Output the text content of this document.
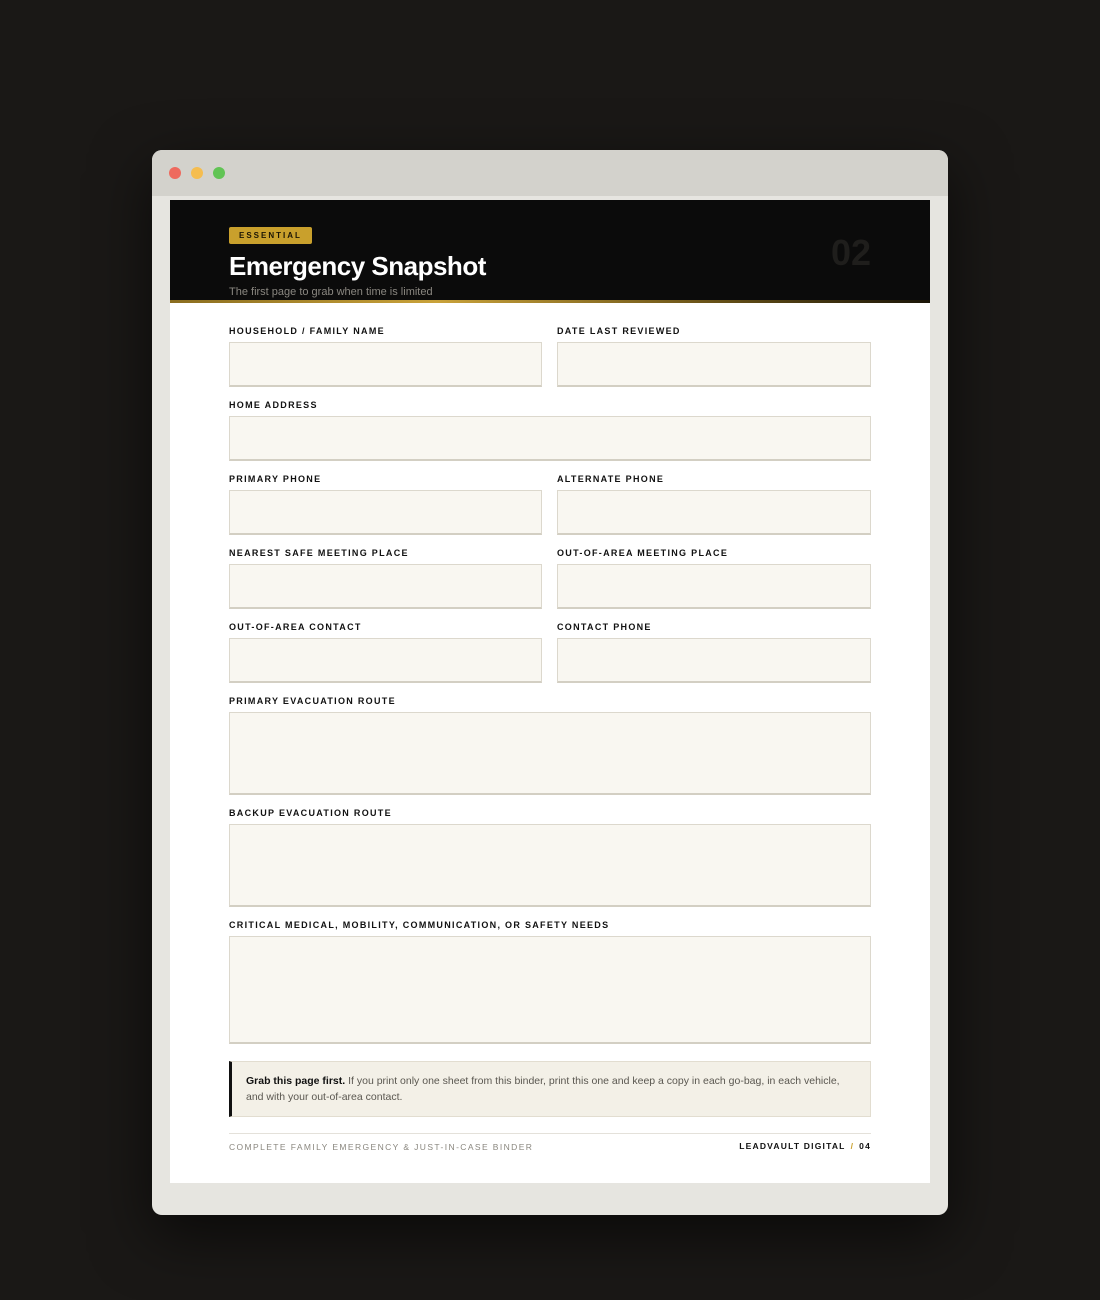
ESSENTIAL
Emergency Snapshot
The first page to grab when time is limited
02
HOUSEHOLD / FAMILY NAME	DATE LAST REVIEWED
HOME ADDRESS
PRIMARY PHONE	ALTERNATE PHONE
NEAREST SAFE MEETING PLACE	OUT-OF-AREA MEETING PLACE
OUT-OF-AREA CONTACT	CONTACT PHONE
PRIMARY EVACUATION ROUTE
BACKUP EVACUATION ROUTE
CRITICAL MEDICAL, MOBILITY, COMMUNICATION, OR SAFETY NEEDS
Grab this page first. If you print only one sheet from this binder, print this one and keep a copy in each go-bag, in each vehicle, and with your out-of-area contact.
COMPLETE FAMILY EMERGENCY & JUST-IN-CASE BINDER	LEADVAULT DIGITAL / 04
